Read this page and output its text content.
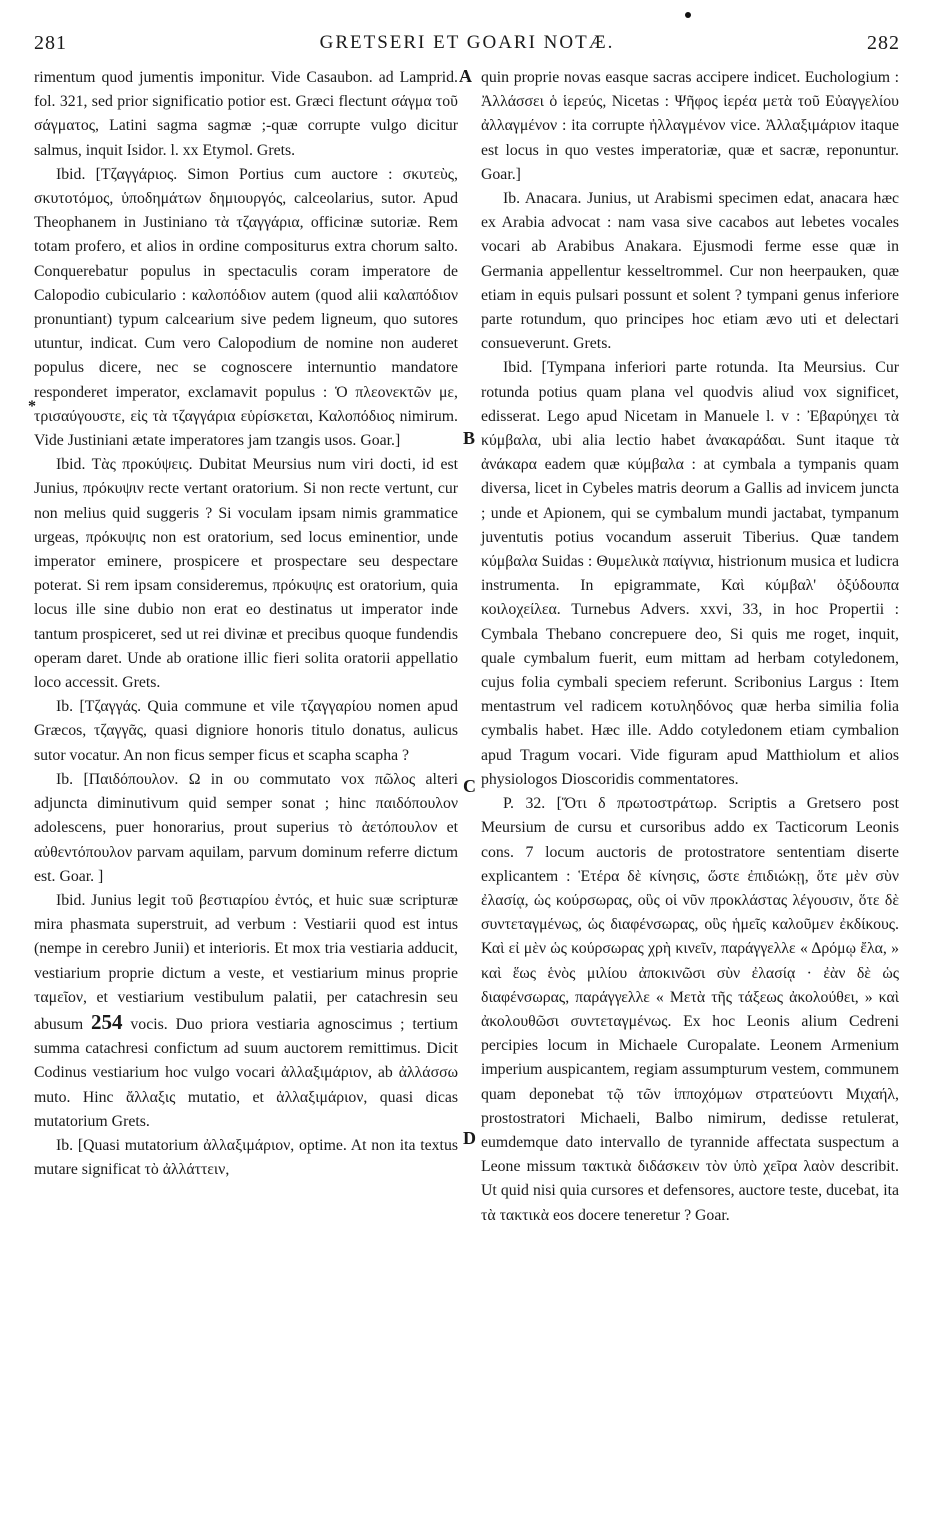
281	GRETSERI ET GOARI NOTÆ.	282
A
B
C
D
*

rimentum quod jumentis imponitur. Vide Casaubon. ad Lamprid. fol. 321, sed prior significatio potior est. Græci flectunt σάγμα τοῦ σάγματος, Latini sagma sagmæ ;-quæ corrupte vulgo dicitur salmus, inquit Isidor. l. xx Etymol. Grets.

Ibid. [Τζαγγάριος. Simon Portius cum auctore : σκυτεὺς, σκυτοτόμος, ὑποδημάτων δημιουργός, calceolarius, sutor. Apud Theophanem in Justiniano τὰ τζαγγάρια, officinæ sutoriæ. Rem totam profero, et alios in ordine compositurus extra chorum salto. Conquerebatur populus in spectaculis coram imperatore de Calopodio cubiculario : καλοπόδιον autem (quod alii καλαπόδιον pronuntiant) typum calcearium sive pedem ligneum, quo sutores utuntur, indicat. Cum vero Calopodium de nomine non auderet populus dicere, nec se cognoscere internuntio mandatore responderet imperator, exclamavit populus : Ὁ πλεονεκτῶν με, τρισαύγουστε, εἰς τὰ τζαγγάρια εὑρίσκεται, Καλοπόδιος nimirum. Vide Justiniani ætate imperatores jam tzangis usos. Goar.]

Ibid. Τὰς προκύψεις. Dubitat Meursius num viri docti, id est Junius, πρόκυψιν recte vertant oratorium. Si non recte vertunt, cur non melius quid suggeris ? Si voculam ipsam nimis grammatice urgeas, πρόκυψις non est oratorium, sed locus eminentior, unde imperator eminere, prospicere et prospectare seu despectare poterat. Si rem ipsam consideremus, πρόκυψις est oratorium, quia locus ille sine dubio non erat eo destinatus ut imperator inde tantum prospiceret, sed ut rei divinæ et precibus quoque fundendis operam daret. Unde ab oratione illic fieri solita oratorii appellatio loco accessit. Grets.

Ib. [Τζαγγάς. Quia commune et vile τζαγγαρίου nomen apud Græcos, τζαγγᾶς, quasi digniore honoris titulo donatus, aulicus sutor vocatur. An non ficus semper ficus et scapha scapha ?

Ib. [Παιδόπουλον. Ω in ου commutato vox πῶλος alteri adjuncta diminutivum quid semper sonat ; hinc παιδόπουλον adolescens, puer honorarius, prout superius τὸ ἀετόπουλον et αὐθεντόπουλον parvam aquilam, parvum dominum referre dictum est. Goar. ]

Ibid. Junius legit τοῦ βεστιαρίου ἐντός, et huic suæ scripturæ mira phasmata superstruit, ad verbum : Vestiarii quod est intus (nempe in cerebro Junii) et interioris. Et mox tria vestiaria adducit, vestiarium proprie dictum a veste, et vestiarium minus proprie ταμεῖον, et vestiarium vestibulum palatii, per catachresin seu abusum 254 vocis. Duo priora vestiaria agnoscimus ; tertium summa catachresi confictum ad suum auctorem remittimus. Dicit Codinus vestiarium hoc vulgo vocari ἀλλαξιμάριον, ab ἀλλάσσω muto. Hinc ἄλλαξις mutatio, et ἀλλαξιμάριον, quasi dicas mutatorium Grets.

Ib. [Quasi mutatorium ἀλλαξιμάριον, optime. At non ita textus mutare significat τὸ ἀλλάττειν,

quin proprie novas easque sacras accipere indicet. Euchologium : Ἀλλάσσει ὁ ἱερεύς, Nicetas : Ψῆφος ἱερέα μετὰ τοῦ Εὐαγγελίου ἀλλαγμένον : ita corrupte ἠλλαγμένον vice. Ἀλλαξιμάριον itaque est locus in quo vestes imperatoriæ, quæ et sacræ, reponuntur. Goar.]

Ib. Anacara. Junius, ut Arabismi specimen edat, anacara hæc ex Arabia advocat : nam vasa sive cacabos aut lebetes vocales vocari ab Arabibus Anakara. Ejusmodi ferme esse quæ in Germania appellentur kesseltrommel. Cur non heerpauken, quæ etiam in equis pulsari possunt et solent ? tympani genus inferiore parte rotundum, quo principes hoc etiam ævo uti et delectari consueverunt. Grets.

Ibid. [Tympana inferiori parte rotunda. Ita Meursius. Cur rotunda potius quam plana vel quodvis aliud vox significet, edisserat. Lego apud Nicetam in Manuele l. v : Ἐβαρύηχει τὰ κύμβαλα, ubi alia lectio habet ἀνακαράδαι. Sunt itaque τὰ ἀνάκαρα eadem quæ κύμβαλα : at cymbala a tympanis quam diversa, licet in Cybeles matris deorum a Gallis ad invicem juncta ; unde et Apionem, qui se cymbalum mundi jactabat, tympanum juventutis potius vocandum asseruit Tiberius. Quæ tandem κύμβαλα Suidas : Θυμελικὰ παίγνια, histrionum musica et ludicra instrumenta. In epigrammate, Καὶ κύμβαλ' ὀξύδουπα κοιλοχείλεα. Turnebus Advers. xxvi, 33, in hoc Propertii : Cymbala Thebano concrepuere deo, Si quis me roget, inquit, quale cymbalum fuerit, eum mittam ad herbam cotyledonem, cujus folia cymbali speciem referunt. Scribonius Largus : Item mentastrum vel radicem κοτυληδόνος quæ herba similia folia cymbalis habet. Hæc ille. Addo cotyledonem etiam cymbalion apud Tragum vocari. Vide figuram apud Matthiolum et alios physiologos Dioscoridis commentatores.

P. 32. [Ὅτι δ πρωτοστράτωρ. Scriptis a Gretsero post Meursium de cursu et cursoribus addo ex Tacticorum Leonis cons. 7 locum auctoris de protostratore sententiam diserte explicantem : Ἑτέρα δὲ κίνησις, ὥστε ἐπιδιώκῃ, ὅτε μὲν σὺν ἐλασίᾳ, ὡς κούρσωρας, οὓς οἱ νῦν προκλάστας λέγουσιν, ὅτε δὲ συντεταγμένως, ὡς διαφένσωρας, οὓς ἡμεῖς καλοῦμεν ἐκδίκους. Καὶ εἰ μὲν ὡς κούρσωρας χρὴ κινεῖν, παράγγελλε « Δρόμῳ ἔλα, » καὶ ἕως ἑνὸς μιλίου ἀποκινῶσι σὺν ἐλασίᾳ · ἐὰν δὲ ὡς διαφένσωρας, παράγγελλε « Μετὰ τῆς τάξεως ἀκολούθει, » καὶ ἀκολουθῶσι συντεταγμένως. Ex hoc Leonis alium Cedreni percipies locum in Michaele Curopalate. Leonem Armenium imperium auspicantem, regiam assumpturum vestem, communem quam deponebat τῷ τῶν ἱπποχόμων στρατεύοντι Μιχαήλ, prostostratori Michaeli, Balbo nimirum, dedisse retulerat, eumdemque dato intervallo de tyrannide affectata suspectum a Leone missum τακτικὰ διδάσκειν τὸν ὑπὸ χεῖρα λαὸν describit. Ut quid nisi quia cursores et defensores, auctore teste, ducebat, ita τὰ τακτικὰ eos docere teneretur ? Goar.
